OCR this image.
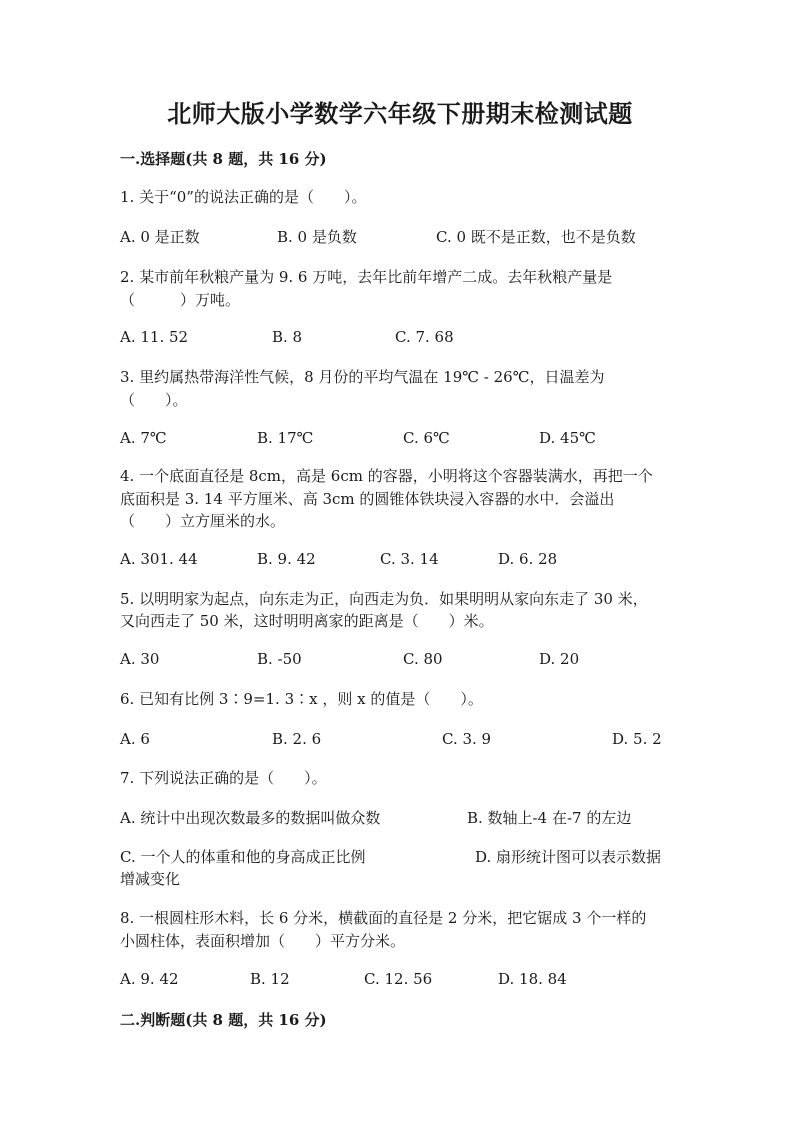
北师大版小学数学六年级下册期末检测试题
一.选择题(共 8 题，共 16 分)
1. 关于“0”的说法正确的是（　　）。
A. 0 是正数	B. 0 是负数	C. 0 既不是正数，也不是负数
2. 某市前年秋粮产量为 9. 6 万吨，去年比前年增产二成。去年秋粮产量是
（　　　）万吨。
A. 11. 52	B. 8	C. 7. 68
3. 里约属热带海洋性气候，8 月份的平均气温在 19℃ - 26℃，日温差为
（　　）。
A. 7℃	B. 17℃	C. 6℃	D. 45℃
4. 一个底面直径是 8cm，高是 6cm 的容器，小明将这个容器装满水，再把一个
底面积是 3. 14 平方厘米、高 3cm 的圆锥体铁块浸入容器的水中．会溢出
（　　）立方厘米的水。
A. 301. 44	B. 9. 42	C. 3. 14	D. 6. 28
5. 以明明家为起点，向东走为正，向西走为负．如果明明从家向东走了 30 米，
又向西走了 50 米，这时明明离家的距离是（　　）米。
A. 30	B. -50	C. 80	D. 20
6. 已知有比例 3∶9=1. 3∶x ，则 x 的值是（　　）。
A. 6	B. 2. 6	C. 3. 9	D. 5. 2
7. 下列说法正确的是（　　）。
A. 统计中出现次数最多的数据叫做众数	B. 数轴上-4 在-7 的左边
C. 一个人的体重和他的身高成正比例	D. 扇形统计图可以表示数据
增减变化
8. 一根圆柱形木料，长 6 分米，横截面的直径是 2 分米，把它锯成 3 个一样的
小圆柱体，表面积增加（　　）平方分米。
A. 9. 42	B. 12	C. 12. 56	D. 18. 84
二.判断题(共 8 题，共 16 分)
